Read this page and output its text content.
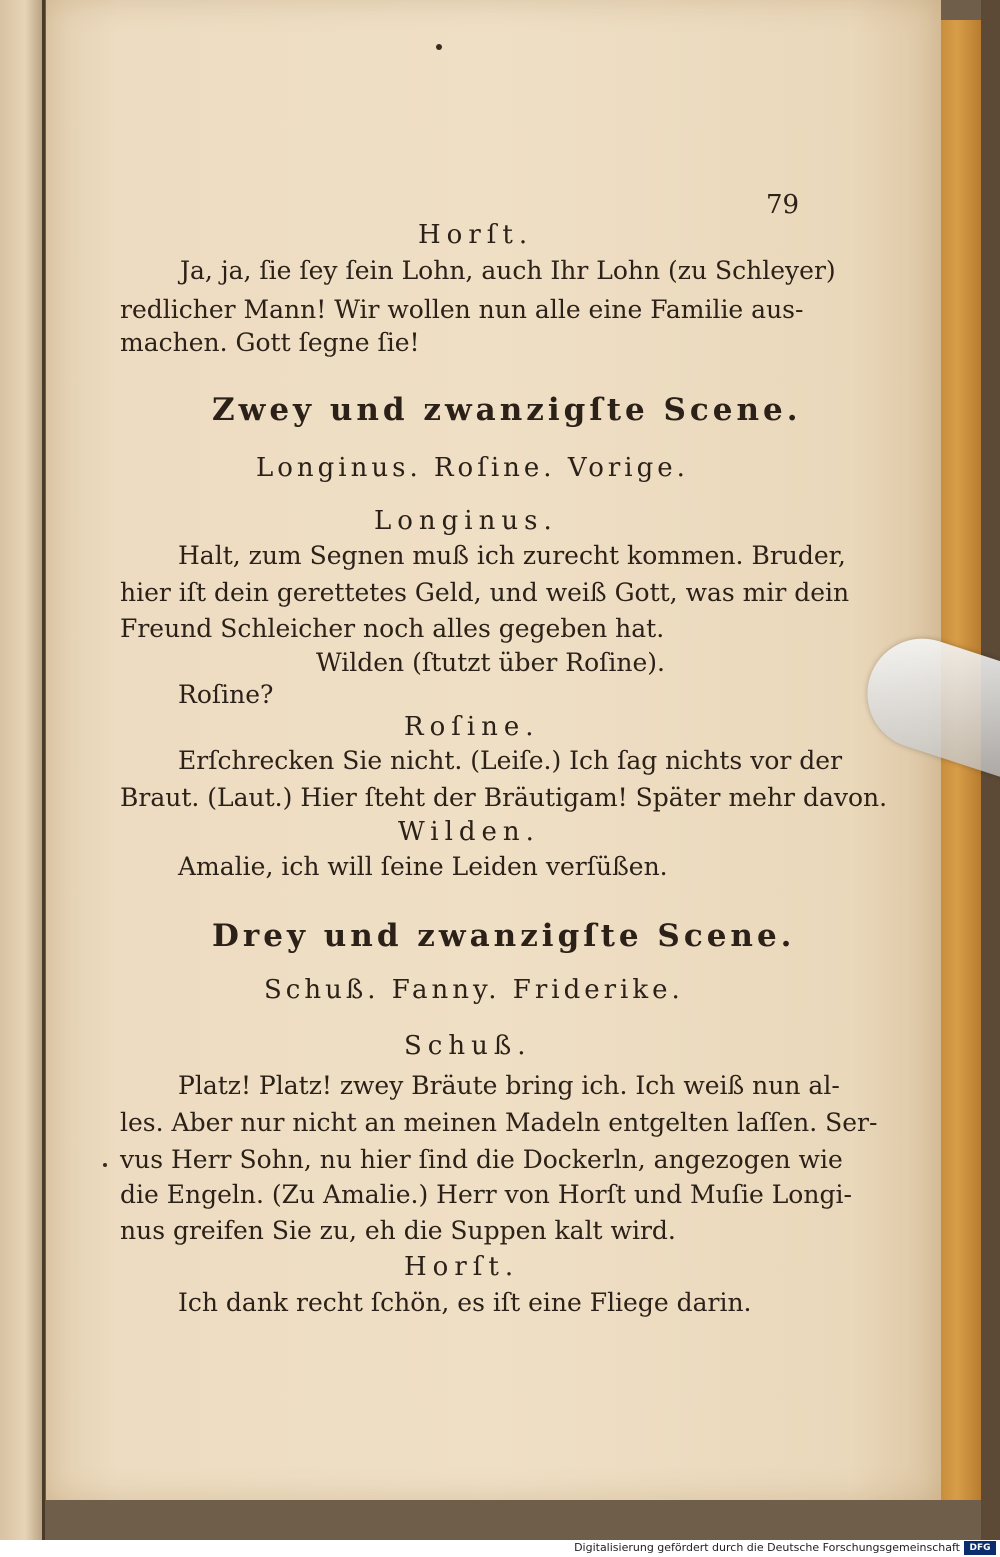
79
Horſt.
Ja, ja, ſie ſey ſein Lohn, auch Ihr Lohn (zu Schleyer)
redlicher Mann! Wir wollen nun alle eine Familie aus-
machen. Gott ſegne ſie!
Zwey und zwanzigſte Scene.
Longinus. Roſine. Vorige.
Longinus.
Halt, zum Segnen muß ich zurecht kommen. Bruder,
hier iſt dein gerettetes Geld, und weiß Gott, was mir dein
Freund Schleicher noch alles gegeben hat.
Wilden (ſtutzt über Roſine).
Roſine?
Roſine.
Erſchrecken Sie nicht. (Leiſe.) Ich ſag nichts vor der
Braut. (Laut.) Hier ſteht der Bräutigam! Später mehr davon.
Wilden.
Amalie, ich will ſeine Leiden verſüßen.
Drey und zwanzigſte Scene.
Schuß. Fanny. Friderike.
Schuß.
Platz! Platz! zwey Bräute bring ich. Ich weiß nun al-
les. Aber nur nicht an meinen Madeln entgelten laſſen. Ser-
vus Herr Sohn, nu hier ſind die Dockerln, angezogen wie
die Engeln. (Zu Amalie.) Herr von Horſt und Muſie Longi-
nus greifen Sie zu, eh die Suppen kalt wird.
Horſt.
Ich dank recht ſchön, es iſt eine Fliege darin.
Digitalisierung gefördert durch die Deutsche Forschungsgemeinschaft	DFG
